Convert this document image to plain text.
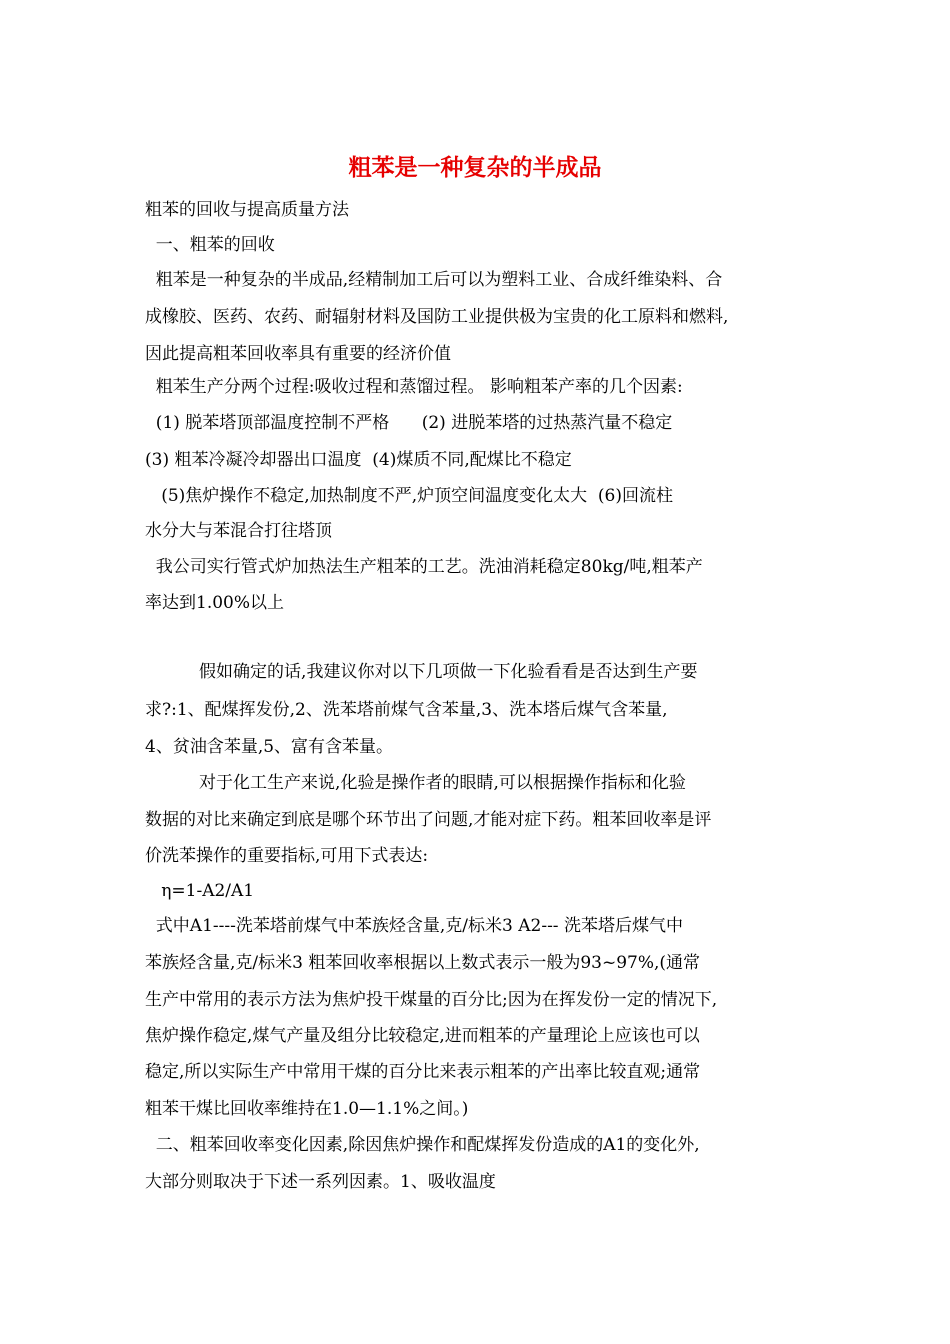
粗苯是一种复杂的半成品
粗苯的回收与提高质量方法
一、粗苯的回收
粗苯是一种复杂的半成品,经精制加工后可以为塑料工业、合成纤维染料、合
成橡胶、医药、农药、耐辐射材料及国防工业提供极为宝贵的化工原料和燃料,
因此提高粗苯回收率具有重要的经济价值
粗苯生产分两个过程:吸收过程和蒸馏过程。 影响粗苯产率的几个因素:
(1) 脱苯塔顶部温度控制不严格      (2) 进脱苯塔的过热蒸汽量不稳定
(3) 粗苯冷凝冷却器出口温度  (4)煤质不同,配煤比不稳定
(5)焦炉操作不稳定,加热制度不严,炉顶空间温度变化太大  (6)回流柱
水分大与苯混合打往塔顶
我公司实行管式炉加热法生产粗苯的工艺。洗油消耗稳定80kg/吨,粗苯产
率达到1.00%以上
假如确定的话,我建议你对以下几项做一下化验看看是否达到生产要
求?:1、配煤挥发份,2、洗苯塔前煤气含苯量,3、洗本塔后煤气含苯量,
4、贫油含苯量,5、富有含苯量。
对于化工生产来说,化验是操作者的眼睛,可以根据操作指标和化验
数据的对比来确定到底是哪个环节出了问题,才能对症下药。粗苯回收率是评
价洗苯操作的重要指标,可用下式表达:
η=1-A2/A1
式中A1----洗苯塔前煤气中苯族烃含量,克/标米3 A2--- 洗苯塔后煤气中
苯族烃含量,克/标米3 粗苯回收率根据以上数式表示一般为93~97%,(通常
生产中常用的表示方法为焦炉投干煤量的百分比;因为在挥发份一定的情况下,
焦炉操作稳定,煤气产量及组分比较稳定,进而粗苯的产量理论上应该也可以
稳定,所以实际生产中常用干煤的百分比来表示粗苯的产出率比较直观;通常
粗苯干煤比回收率维持在1.0—1.1%之间。)
二、粗苯回收率变化因素,除因焦炉操作和配煤挥发份造成的A1的变化外,
大部分则取决于下述一系列因素。1、吸收温度
